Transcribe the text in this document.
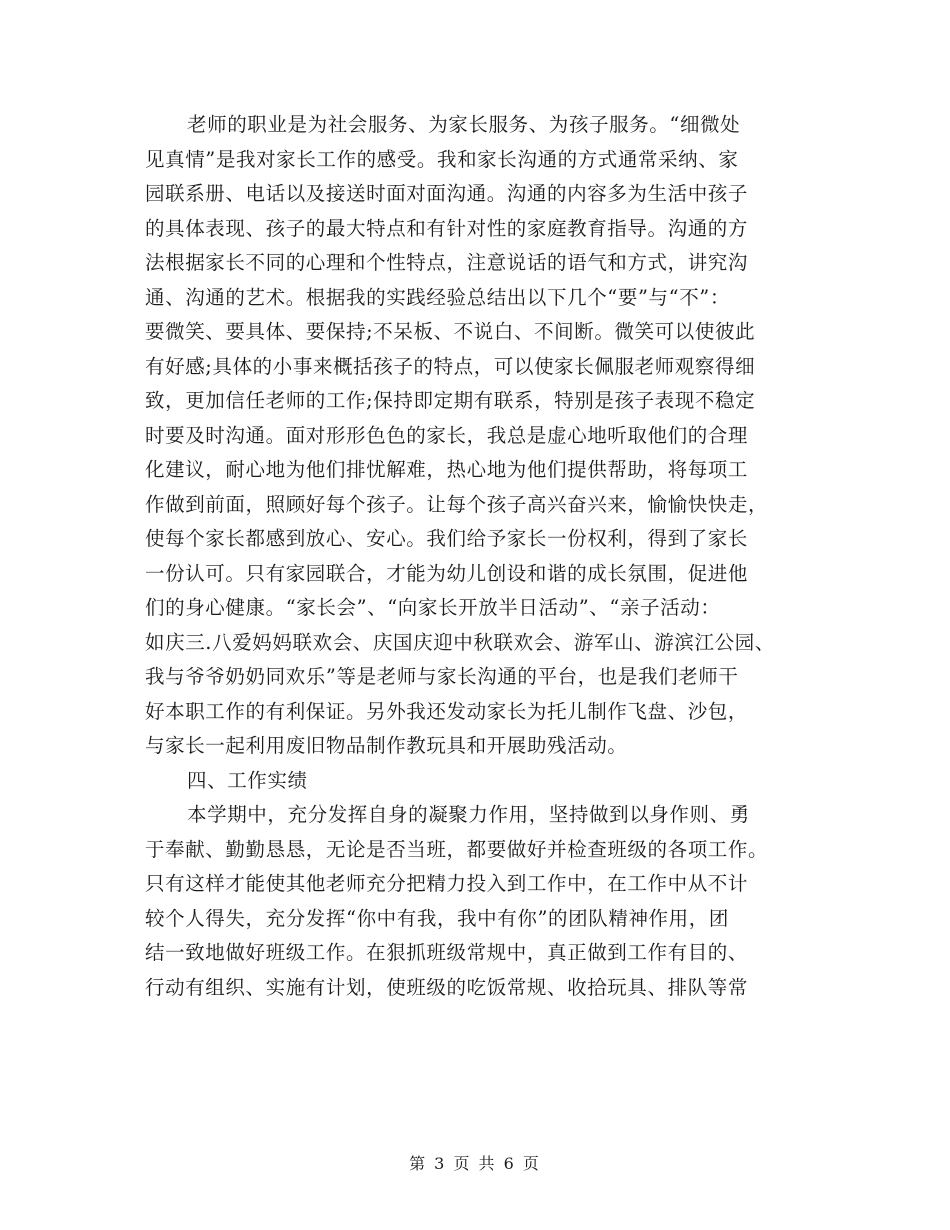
老师的职业是为社会服务、为家长服务、为孩子服务。“细微处
见真情”是我对家长工作的感受。我和家长沟通的方式通常采纳、家
园联系册、电话以及接送时面对面沟通。沟通的内容多为生活中孩子
的具体表现、孩子的最大特点和有针对性的家庭教育指导。沟通的方
法根据家长不同的心理和个性特点，注意说话的语气和方式，讲究沟
通、沟通的艺术。根据我的实践经验总结出以下几个“要”与“不”：
要微笑、要具体、要保持;不呆板、不说白、不间断。微笑可以使彼此
有好感;具体的小事来概括孩子的特点，可以使家长佩服老师观察得细
致，更加信任老师的工作;保持即定期有联系，特别是孩子表现不稳定
时要及时沟通。面对形形色色的家长，我总是虚心地听取他们的合理
化建议，耐心地为他们排忧解难，热心地为他们提供帮助，将每项工
作做到前面，照顾好每个孩子。让每个孩子高兴奋兴来，愉愉快快走，
使每个家长都感到放心、安心。我们给予家长一份权利，得到了家长
一份认可。只有家园联合，才能为幼儿创设和谐的成长氛围，促进他
们的身心健康。“家长会”、“向家长开放半日活动”、“亲子活动：
如庆三.八爱妈妈联欢会、庆国庆迎中秋联欢会、游军山、游滨江公园、
我与爷爷奶奶同欢乐”等是老师与家长沟通的平台，也是我们老师干
好本职工作的有利保证。另外我还发动家长为托儿制作飞盘、沙包，
与家长一起利用废旧物品制作教玩具和开展助残活动。
四、工作实绩
本学期中，充分发挥自身的凝聚力作用，坚持做到以身作则、勇
于奉献、勤勤恳恳，无论是否当班，都要做好并检查班级的各项工作。
只有这样才能使其他老师充分把精力投入到工作中，在工作中从不计
较个人得失，充分发挥“你中有我，我中有你”的团队精神作用，团
结一致地做好班级工作。在狠抓班级常规中，真正做到工作有目的、
行动有组织、实施有计划，使班级的吃饭常规、收拾玩具、排队等常
第 3 页 共 6 页
